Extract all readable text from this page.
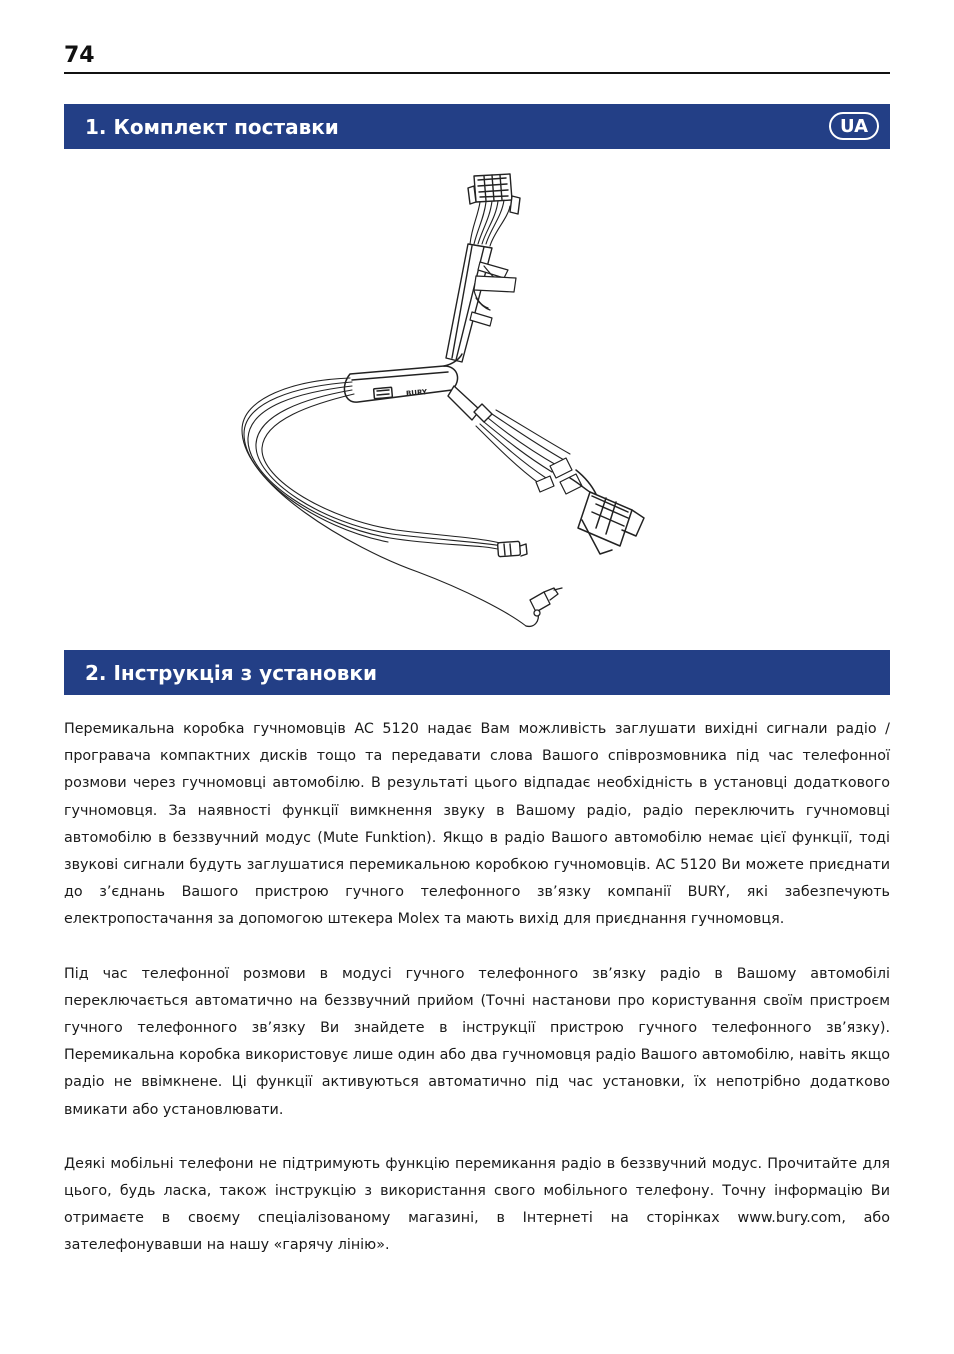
74
1. Комплект поставки	UA
BURY
2. Інструкція з установки

Перемикальна коробка гучномовців AC 5120 надає Вам можливість заглушати вихідні сигнали радіо / програвача компактних дисків тощо та передавати слова Вашого співрозмовника під час телефонної розмови через гучномовці автомобілю. В результаті цього відпадає необхідність в установці додаткового гучномовця. За наявності функції вимкнення звуку в Вашому радіо, радіо переключить гучномовці автомобілю в беззвучний модус (Mute Funktion). Якщо в радіо Вашого автомобілю немає цієї функції, тоді звукові сигнали будуть заглушатися перемикальною коробкою гучномовців. AC 5120 Ви можете приєднати до з’єднань Вашого пристрою гучного телефонного зв’язку компанії BURY, які забезпечують електропостачання за допомогою штекера Molex та мають вихід для приєднання гучномовця.

Під час телефонної розмови в модусі гучного телефонного зв’язку радіо в Вашому автомобілі переключається автоматично на беззвучний прийом (Точні настанови про користування своїм пристроєм гучного телефонного зв’язку Ви знайдете в інструкції пристрою гучного телефонного зв’язку). Перемикальна коробка використовує лише один або два гучномовця радіо Вашого автомобілю, навіть якщо радіо не ввімкнене. Ці функції активуються автоматично під час установки, їх непотрібно додатково вмикати або установлювати.

Деякі мобільні телефони не підтримують функцію перемикання радіо в беззвучний модус. Прочитайте для цього, будь ласка, також інструкцію з використання свого мобільного телефону. Точну інформацію Ви отримаєте в своєму спеціалізованому магазині, в Інтернеті на сторінках www.bury.com, або зателефонувавши на нашу «гарячу лінію».
